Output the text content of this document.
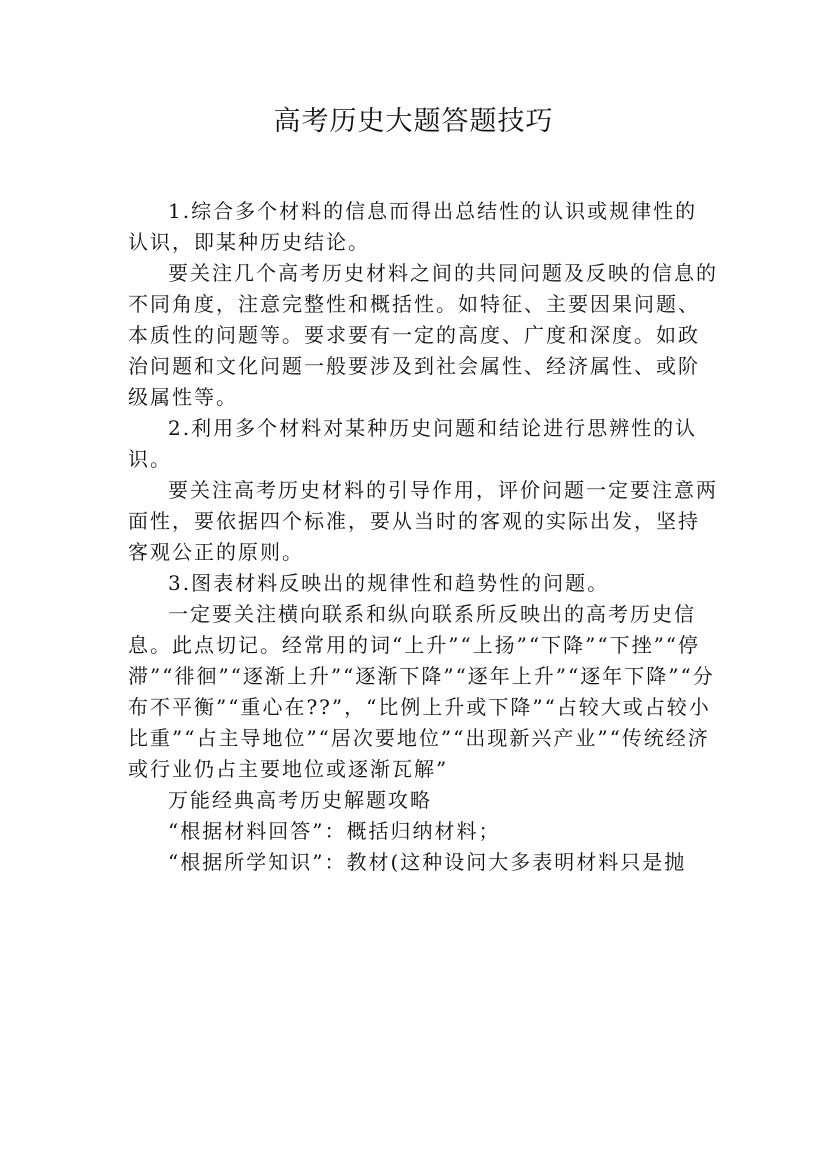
高考历史大题答题技巧

1.综合多个材料的信息而得出总结性的认识或规律性的认识，即某种历史结论。

要关注几个高考历史材料之间的共同问题及反映的信息的不同角度，注意完整性和概括性。如特征、主要因果问题、本质性的问题等。要求要有一定的高度、广度和深度。如政治问题和文化问题一般要涉及到社会属性、经济属性、或阶级属性等。

2.利用多个材料对某种历史问题和结论进行思辨性的认识。

要关注高考历史材料的引导作用，评价问题一定要注意两面性，要依据四个标准，要从当时的客观的实际出发，坚持客观公正的原则。

3.图表材料反映出的规律性和趋势性的问题。

一定要关注横向联系和纵向联系所反映出的高考历史信息。此点切记。经常用的词“上升”“上扬”“下降”“下挫”“停滞”“徘徊”“逐渐上升”“逐渐下降”“逐年上升”“逐年下降”“分布不平衡”“重心在??”，“比例上升或下降”“占较大或占较小比重”“占主导地位”“居次要地位”“出现新兴产业”“传统经济或行业仍占主要地位或逐渐瓦解”

万能经典高考历史解题攻略

“根据材料回答”：概括归纳材料；

“根据所学知识”：教材(这种设问大多表明材料只是抛
